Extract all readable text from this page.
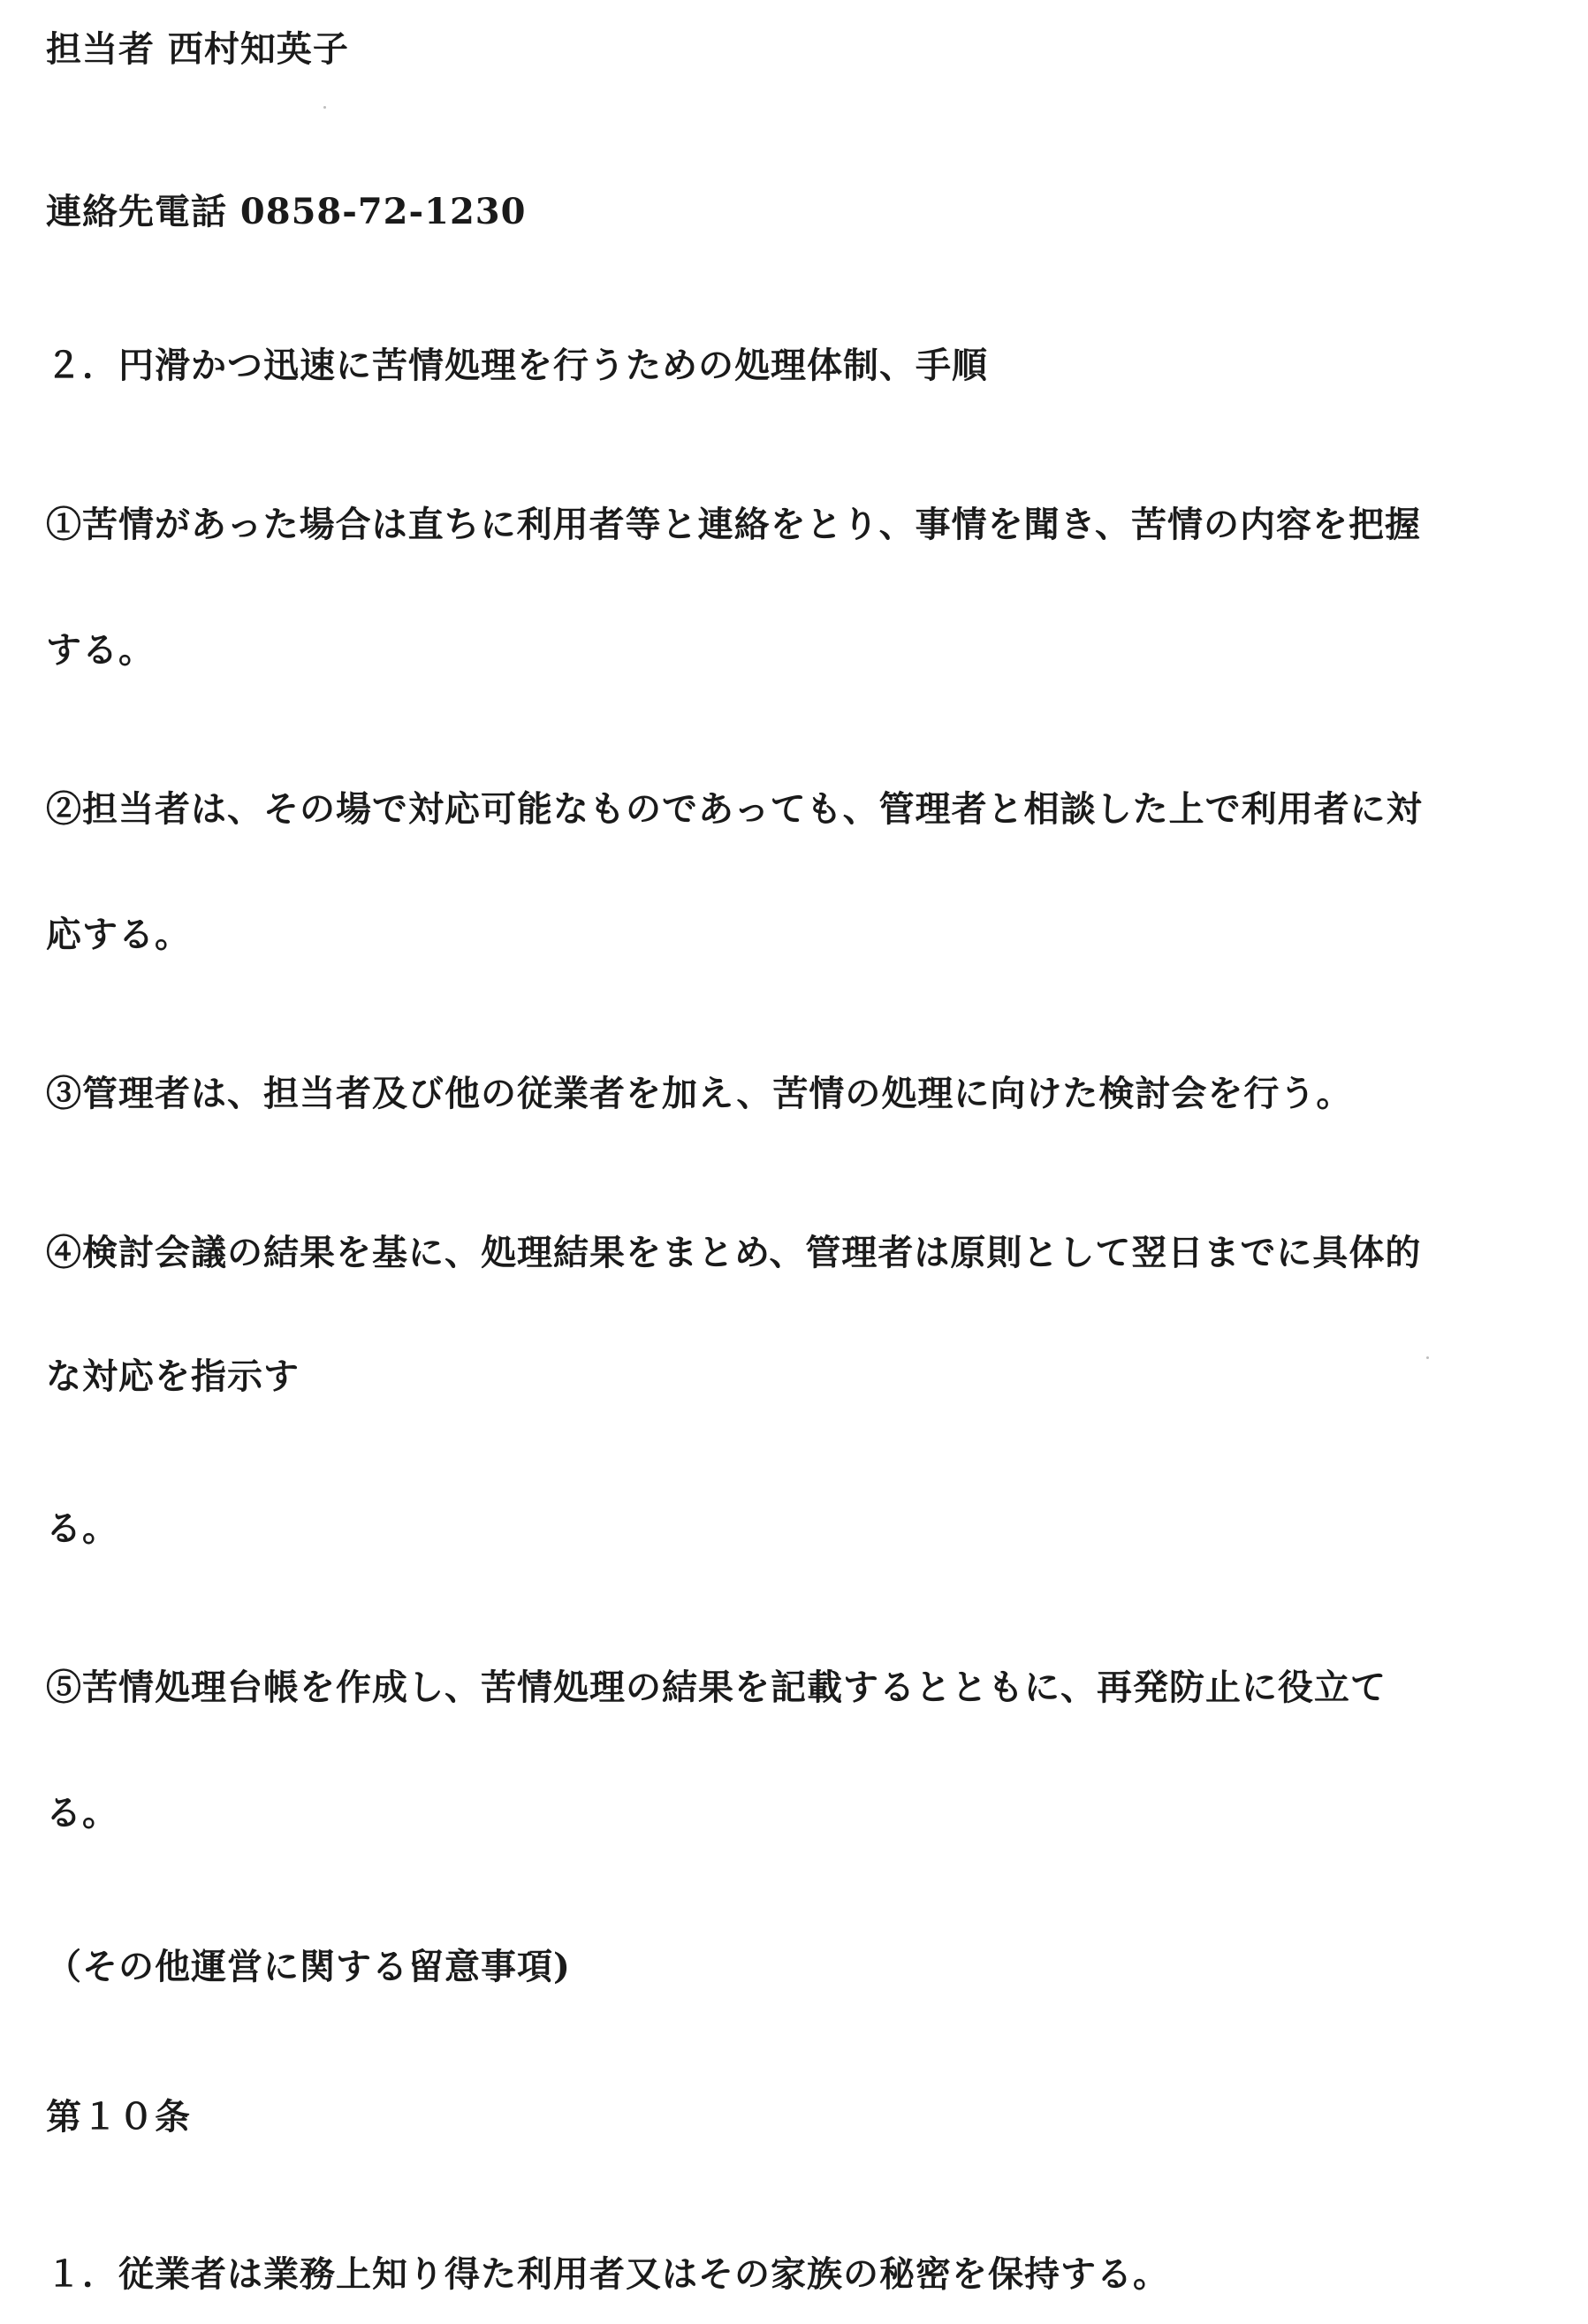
担当者 西村知英子

連絡先電話 0858-72-1230

２．円滑かつ迅速に苦情処理を行うための処理体制、手順

①苦情があった場合は直ちに利用者等と連絡をとり、事情を聞き、苦情の内容を把握

する。

②担当者は、その場で対応可能なものであっても、管理者と相談した上で利用者に対

応する。

③管理者は、担当者及び他の従業者を加え、苦情の処理に向けた検討会を行う。

④検討会議の結果を基に、処理結果をまとめ、管理者は原則として翌日までに具体的

な対応を指示す

る。

⑤苦情処理台帳を作成し、苦情処理の結果を記載するとともに、再発防止に役立て

る。

（その他運営に関する留意事項)

第１０条

１．従業者は業務上知り得た利用者又はその家族の秘密を保持する。
